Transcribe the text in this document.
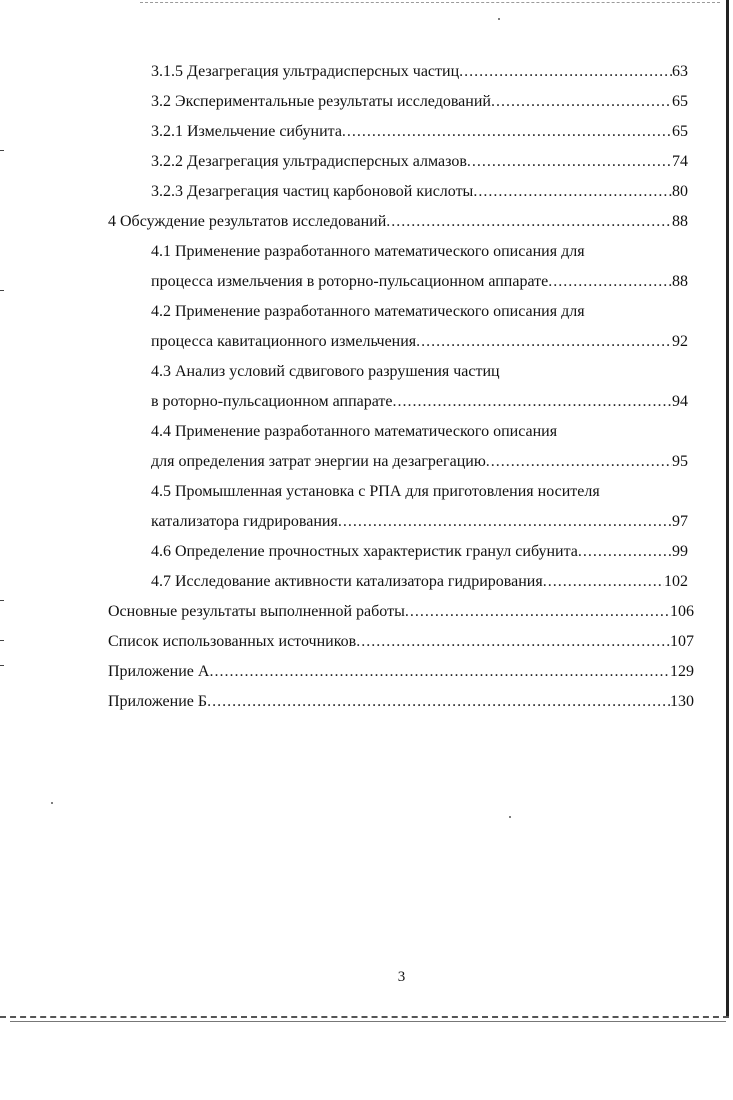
3.1.5 Дезагрегация ультрадисперсных частиц .....	63
3.2 Экспериментальные результаты исследований .....	65
3.2.1 Измельчение сибунита .....	65
3.2.2 Дезагрегация ультрадисперсных алмазов .....	74
3.2.3 Дезагрегация частиц карбоновой кислоты .....	80
4 Обсуждение результатов исследований .....	88
4.1 Применение разработанного математического описания для
процесса измельчения в роторно-пульсационном аппарате .....	88
4.2 Применение разработанного математического описания для
процесса кавитационного измельчения .....	92
4.3 Анализ условий сдвигового разрушения частиц
в роторно-пульсационном аппарате .....	94
4.4 Применение разработанного математического описания
для определения затрат энергии на дезагрегацию .....	95
4.5 Промышленная установка с РПА для приготовления носителя
катализатора гидрирования .....	97
4.6 Определение прочностных характеристик гранул сибунита .....	99
4.7 Исследование активности катализатора гидрирования .....	102
Основные результаты выполненной работы .....	106
Список использованных источников .....	107
Приложение А .....	129
Приложение Б .....	130
3
